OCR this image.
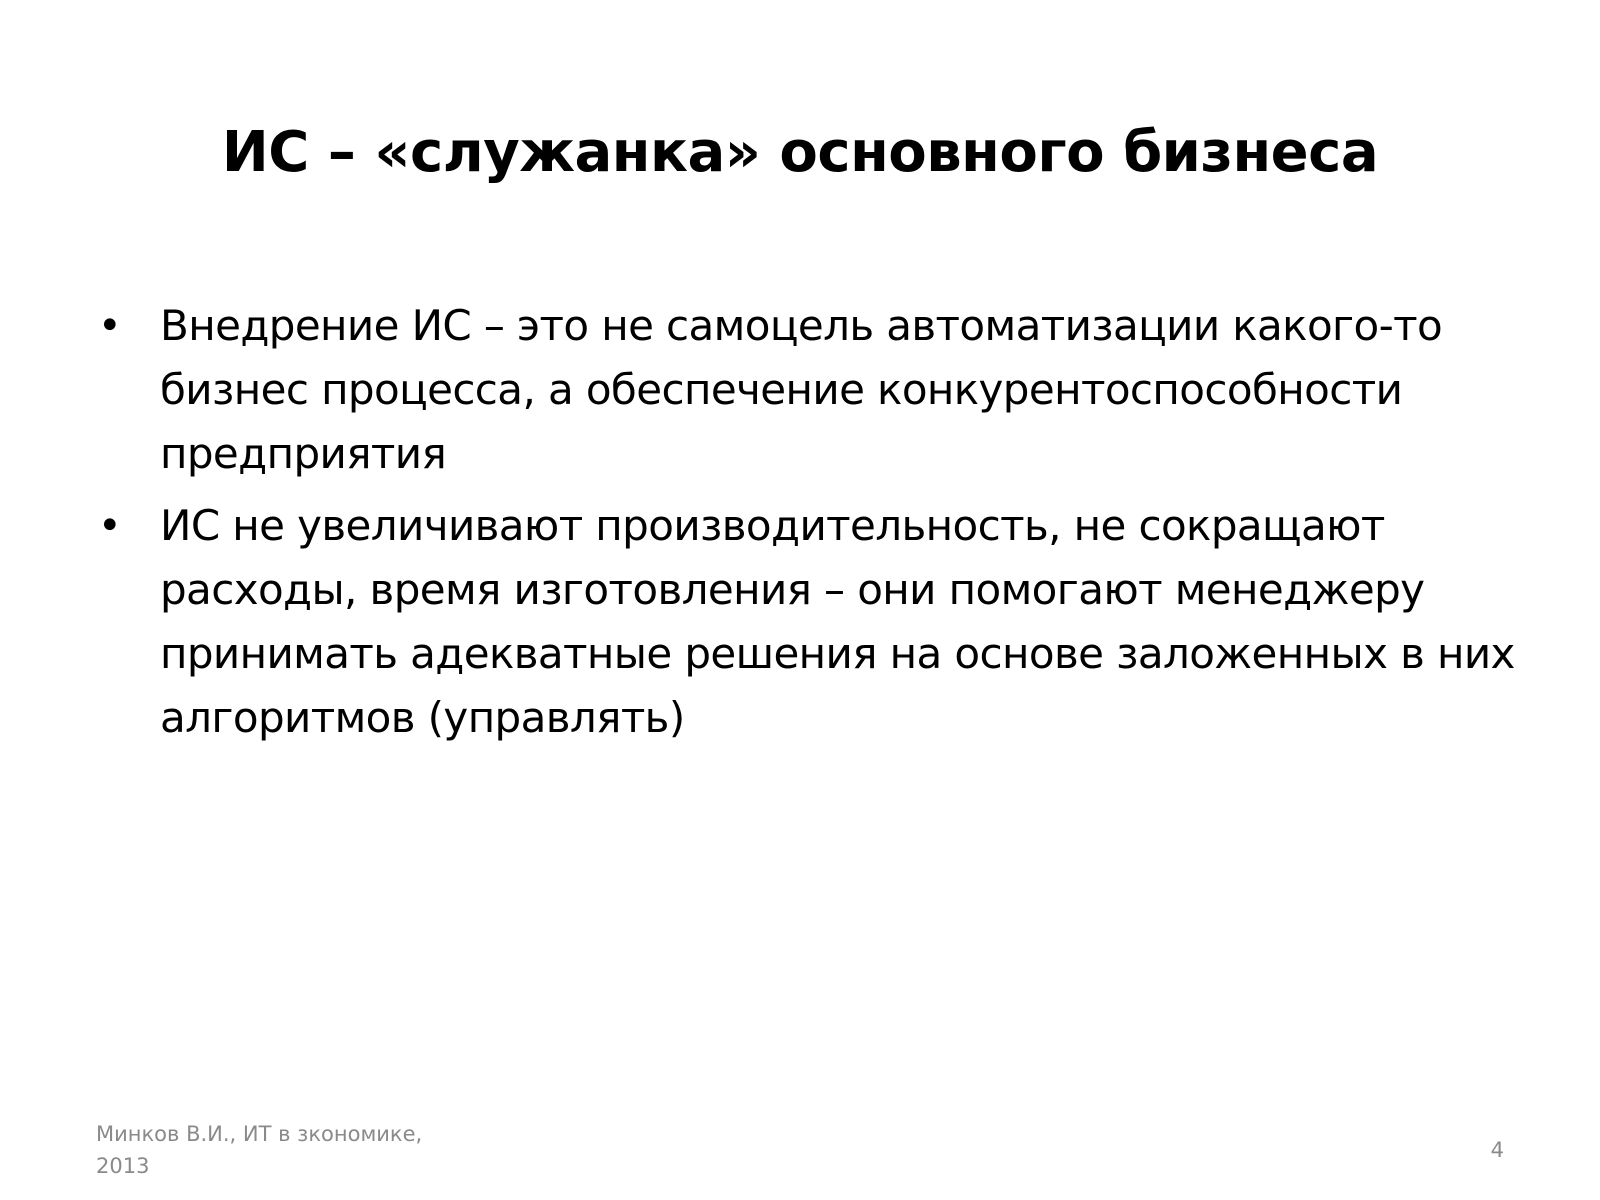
ИС – «служанка» основного бизнеса
• Внедрение ИС – это не самоцель автоматизации какого-то бизнес процесса, а обеспечение конкурентоспособности предприятия
• ИС не увеличивают производительность, не сокращают расходы, время изготовления – они помогают менеджеру принимать адекватные решения на основе заложенных в них алгоритмов (управлять)
Минков В.И., ИТ в зкономике,
2013
4
